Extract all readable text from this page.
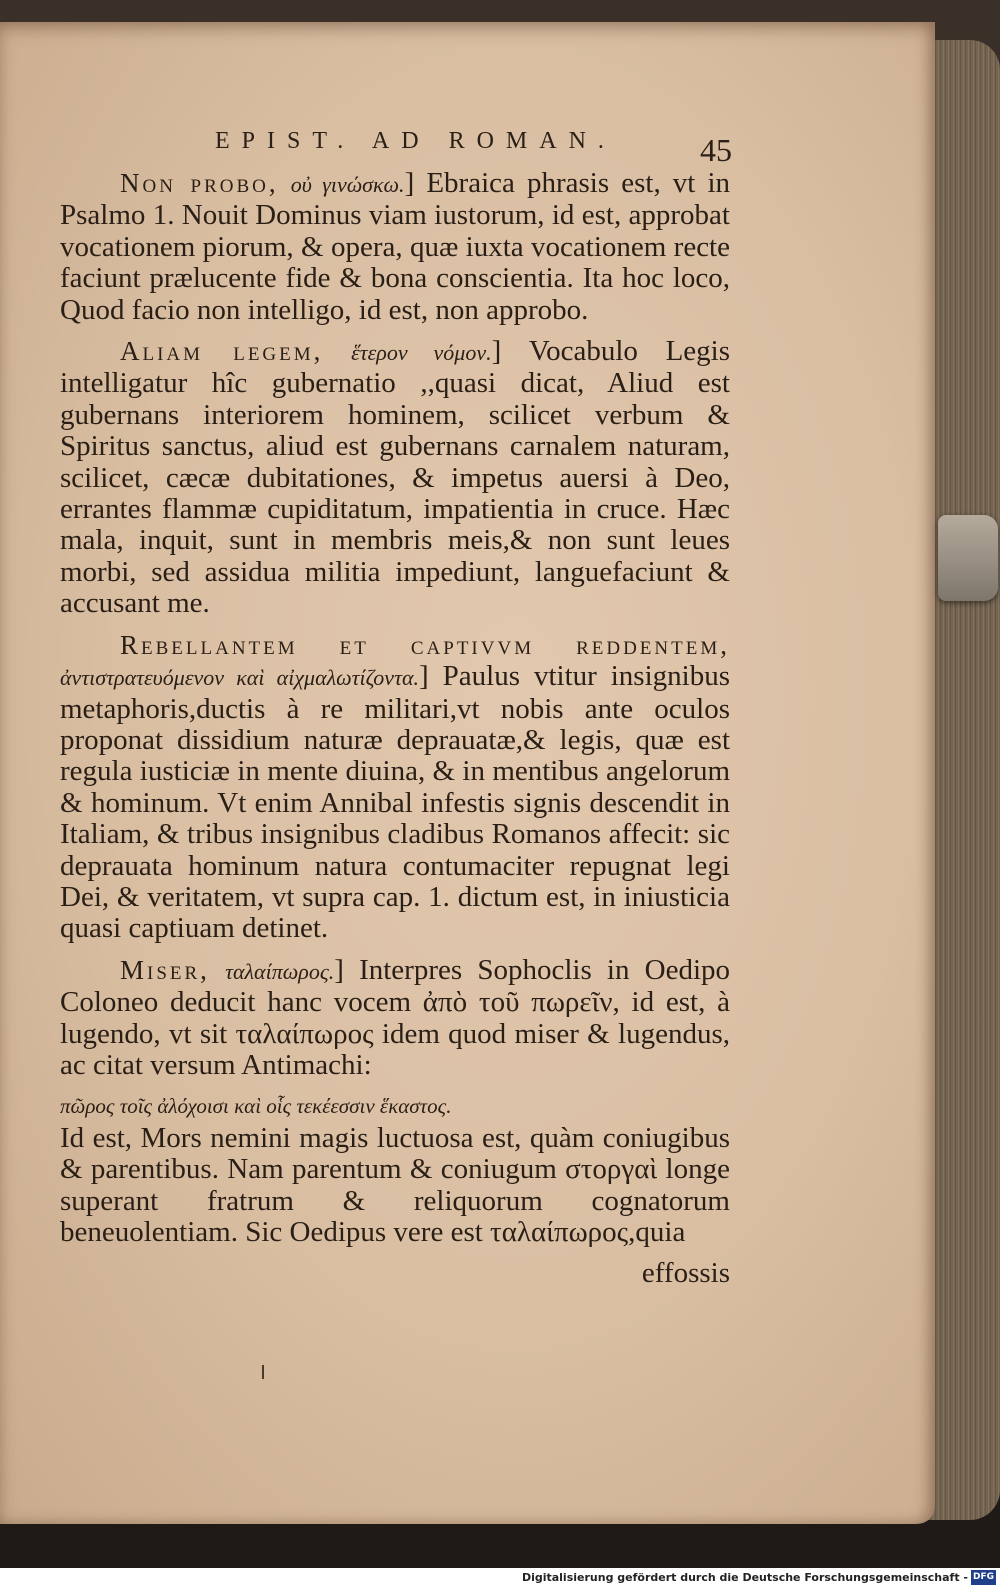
EPIST. AD ROMAN.	45

Non probo, οὐ γινώσκω.] Ebraica phrasis est, vt in Psalmo 1. Nouit Dominus viam iustorum, id est, approbat vocationem piorum, & opera, quæ iuxta vocationem recte faciunt prælucente fide & bona conscientia. Ita hoc loco, Quod facio non intelligo, id est, non approbo.

Aliam legem, ἕτερον νόμον.] Vocabulo Legis intelligatur hîc gubernatio ,,quasi dicat, Aliud est gubernans interiorem hominem, scilicet verbum & Spiritus sanctus, aliud est gubernans carnalem naturam, scilicet, cæcæ dubitationes, & impetus auersi à Deo, errantes flammæ cupiditatum, impatientia in cruce. Hæc mala, inquit, sunt in membris meis,& non sunt leues morbi, sed assidua militia impediunt, languefaciunt & accusant me.

Rebellantem et captivvm reddentem, ἀντιστρατευόμενον καὶ αἰχμαλωτίζοντα.] Paulus vtitur insignibus metaphoris,ductis à re militari,vt nobis ante oculos proponat dissidium naturæ deprauatæ,& legis, quæ est regula iusticiæ in mente diuina, & in mentibus angelorum & hominum. Vt enim Annibal infestis signis descendit in Italiam, & tribus insignibus cladibus Romanos affecit: sic deprauata hominum natura contumaciter repugnat legi Dei, & veritatem, vt supra cap. 1. dictum est, in iniusticia quasi captiuam detinet.

Miser, ταλαίπωρος.] Interpres Sophoclis in Oedipo Coloneo deducit hanc vocem ἀπὸ τοῦ πωρεῖν, id est, à lugendo, vt sit ταλαίπωρος idem quod miser & lugendus, ac citat versum Antimachi:

πῶρος τοῖς ἀλόχοισι καὶ οἷς τεκέεσσιν ἕκαστος.

Id est, Mors nemini magis luctuosa est, quàm coniugibus & parentibus. Nam parentum & coniugum στοργαὶ longe superant fratrum & reliquorum cognatorum beneuolentiam. Sic Oedipus vere est ταλαίπωρος,quia

effossis

Digitalisierung gefördert durch die Deutsche Forschungsgemeinschaft - DFG
